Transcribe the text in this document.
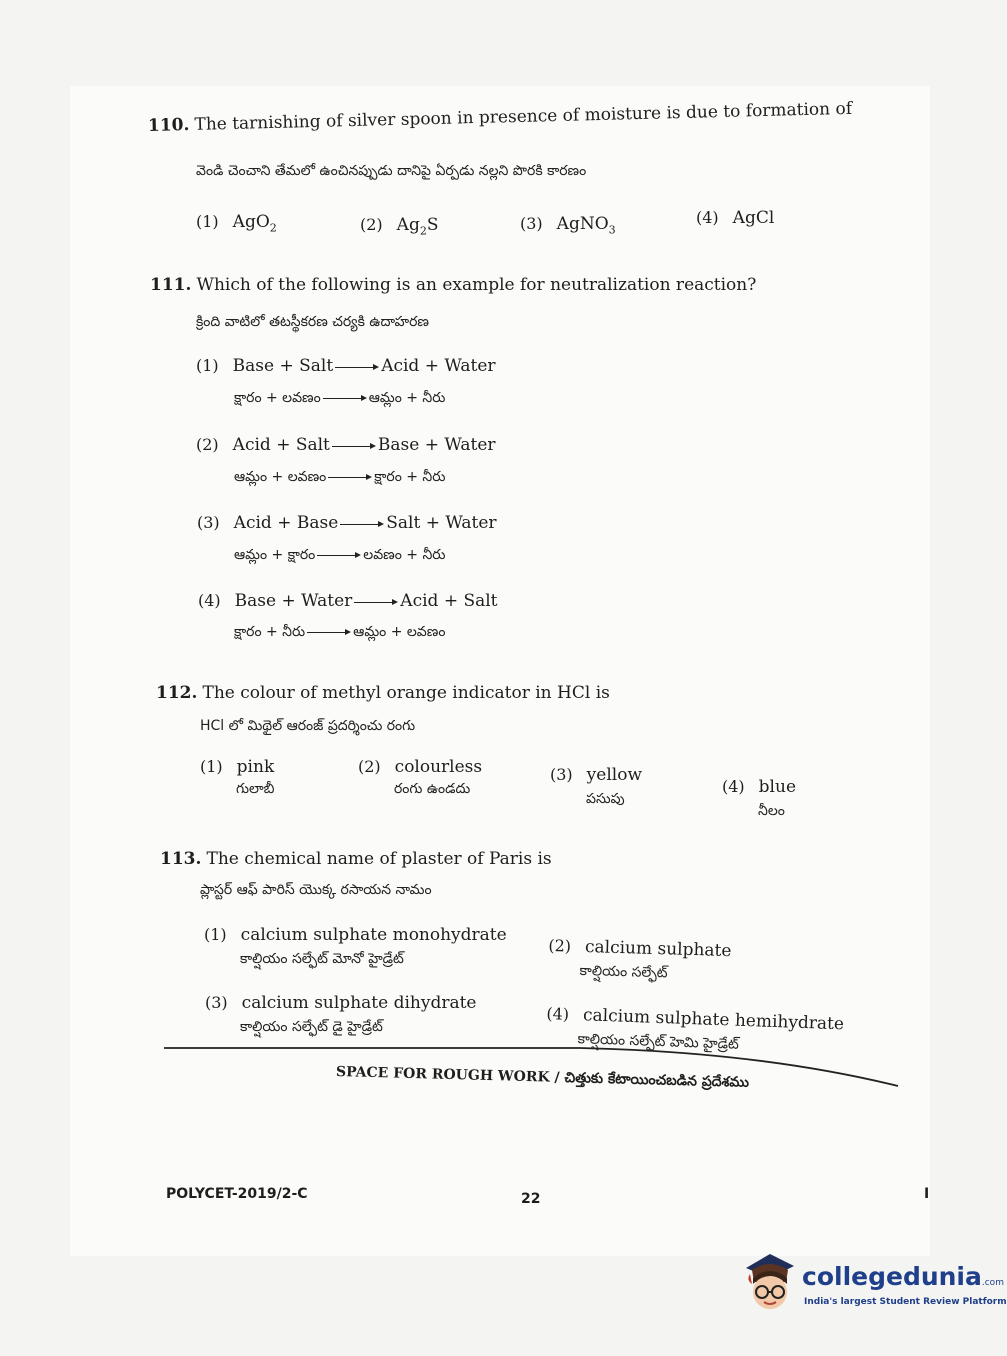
110. The tarnishing of silver spoon in presence of moisture is due to formation of
వెండి చెంచాని తేమలో ఉంచినప్పుడు దానిపై ఏర్పడు నల్లని పొరకి కారణం
(1) AgO$_2$	(2) $Ag_2S$	(3) AgNO$_3$
(4) AgCl
111. Which of the following is an example for neutralization reaction?
క్రింది వాటిలో తటస్థీకరణ చర్యకి ఉదాహరణ
(1) Base + Salt	Acid + Water
క్షారం + లవణం	ఆమ్లం + నీరు
(2) Acid + Salt	Base + Water
ఆమ్లం + లవణం	క్షారం + నీరు
(3) Acid + Base	Salt + Water
ఆమ్లం + క్షారం	లవణం + నీరు
(4) Base + Water	Acid + Salt
క్షారం + నీరు	ఆమ్లం + లవణం
112. The colour of methyl orange indicator in HCl is
HCl లో మిథైల్ ఆరంజ్ ప్రదర్శించు రంగు
(1) pink
గులాబీ
(2) colourless
రంగు ఉండదు
(3) yellow
పసుపు
(4) blue
నీలం
113. The chemical name of plaster of Paris is
ప్లాస్టర్ ఆఫ్ పారిస్ యొక్క రసాయన నామం
(1) calcium sulphate monohydrate
కాల్షియం సల్ఫేట్ మోనో హైడ్రేట్
(2) calcium sulphate
కాల్షియం సల్ఫేట్
(3) calcium sulphate dihydrate
కాల్షియం సల్ఫేట్ డై హైడ్రేట్
(4) calcium sulphate hemihydrate
కాల్షియం సల్ఫేట్ హెమి హైడ్రేట్
SPACE FOR ROUGH WORK / చిత్తుకు కేటాయించబడిన ప్రదేశము
POLYCET-2019/2-C	22	I
collegedunia.com
India's largest Student Review Platform
